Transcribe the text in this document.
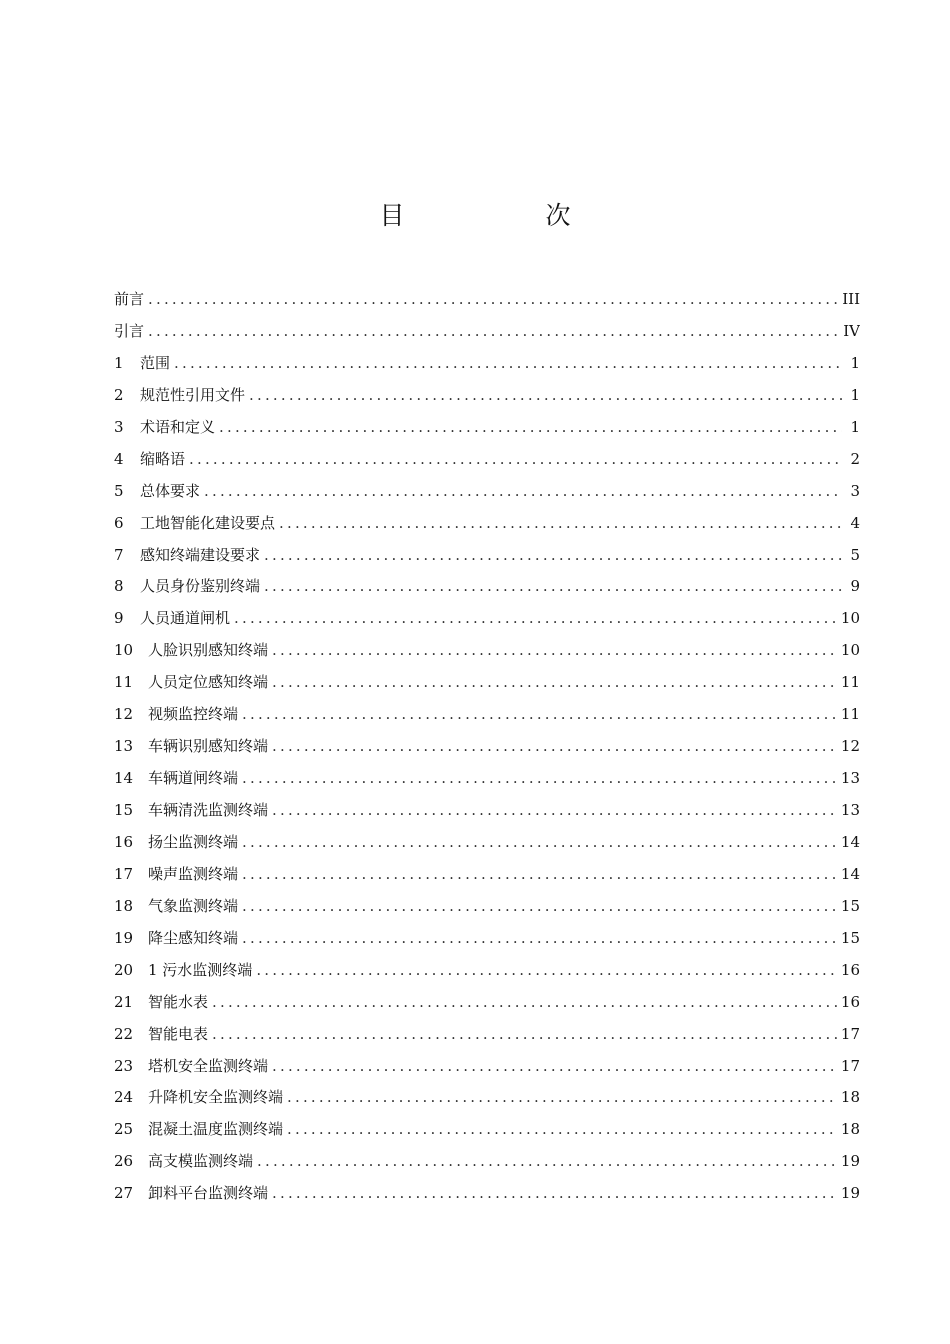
目　次
前言 .....	III
引言 .....	IV
1	范围 .....	1
2	规范性引用文件 .....	1
3	术语和定义 .....	1
4	缩略语 .....	2
5	总体要求 .....	3
6	工地智能化建设要点 .....	4
7	感知终端建设要求 .....	5
8	人员身份鉴别终端 .....	9
9	人员通道闸机 .....	10
10 人脸识别感知终端 .....	10
11 人员定位感知终端 .....	11
12 视频监控终端 .....	11
13 车辆识别感知终端 .....	12
14 车辆道闸终端 .....	13
15 车辆清洗监测终端 .....	13
16 扬尘监测终端 .....	14
17 噪声监测终端 .....	14
18 气象监测终端 .....	15
19 降尘感知终端 .....	15
20 1 污水监测终端 .....	16
21 智能水表 .....	16
22 智能电表 .....	17
23 塔机安全监测终端 .....	17
24 升降机安全监测终端 .....	18
25 混凝土温度监测终端 .....	18
26 高支模监测终端 .....	19
27 卸料平台监测终端 .....	19
